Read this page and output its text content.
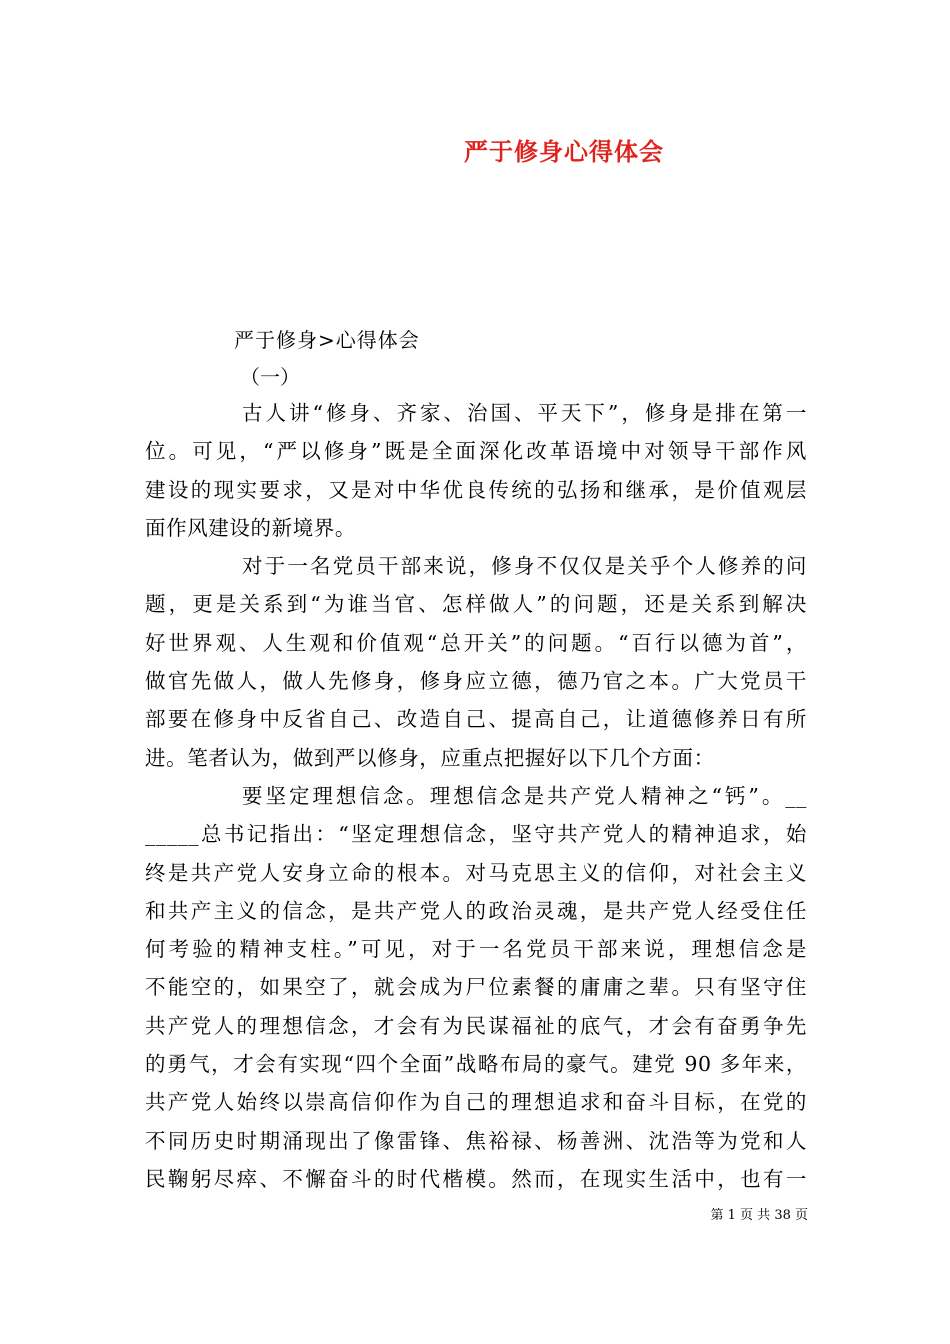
严于修身心得体会
严于修身>心得体会
（一）
古人讲“修身、齐家、治国、平天下”，修身是排在第一
位。可见，“严以修身”既是全面深化改革语境中对领导干部作风
建设的现实要求，又是对中华优良传统的弘扬和继承，是价值观层
面作风建设的新境界。
对于一名党员干部来说，修身不仅仅是关乎个人修养的问
题，更是关系到“为谁当官、怎样做人”的问题，还是关系到解决
好世界观、人生观和价值观“总开关”的问题。“百行以德为首”，
做官先做人，做人先修身，修身应立德，德乃官之本。广大党员干
部要在修身中反省自己、改造自己、提高自己，让道德修养日有所
进。笔者认为，做到严以修身，应重点把握好以下几个方面：
要坚定理想信念。理想信念是共产党人精神之“钙”。__
_____总书记指出：“坚定理想信念，坚守共产党人的精神追求，始
终是共产党人安身立命的根本。对马克思主义的信仰，对社会主义
和共产主义的信念，是共产党人的政治灵魂，是共产党人经受住任
何考验的精神支柱。”可见，对于一名党员干部来说，理想信念是
不能空的，如果空了，就会成为尸位素餐的庸庸之辈。只有坚守住
共产党人的理想信念，才会有为民谋福祉的底气，才会有奋勇争先
的勇气，才会有实现“四个全面”战略布局的豪气。建党 90 多年来，
共产党人始终以崇高信仰作为自己的理想追求和奋斗目标，在党的
不同历史时期涌现出了像雷锋、焦裕禄、杨善洲、沈浩等为党和人
民鞠躬尽瘁、不懈奋斗的时代楷模。然而，在现实生活中，也有一
第 1 页 共 38 页
